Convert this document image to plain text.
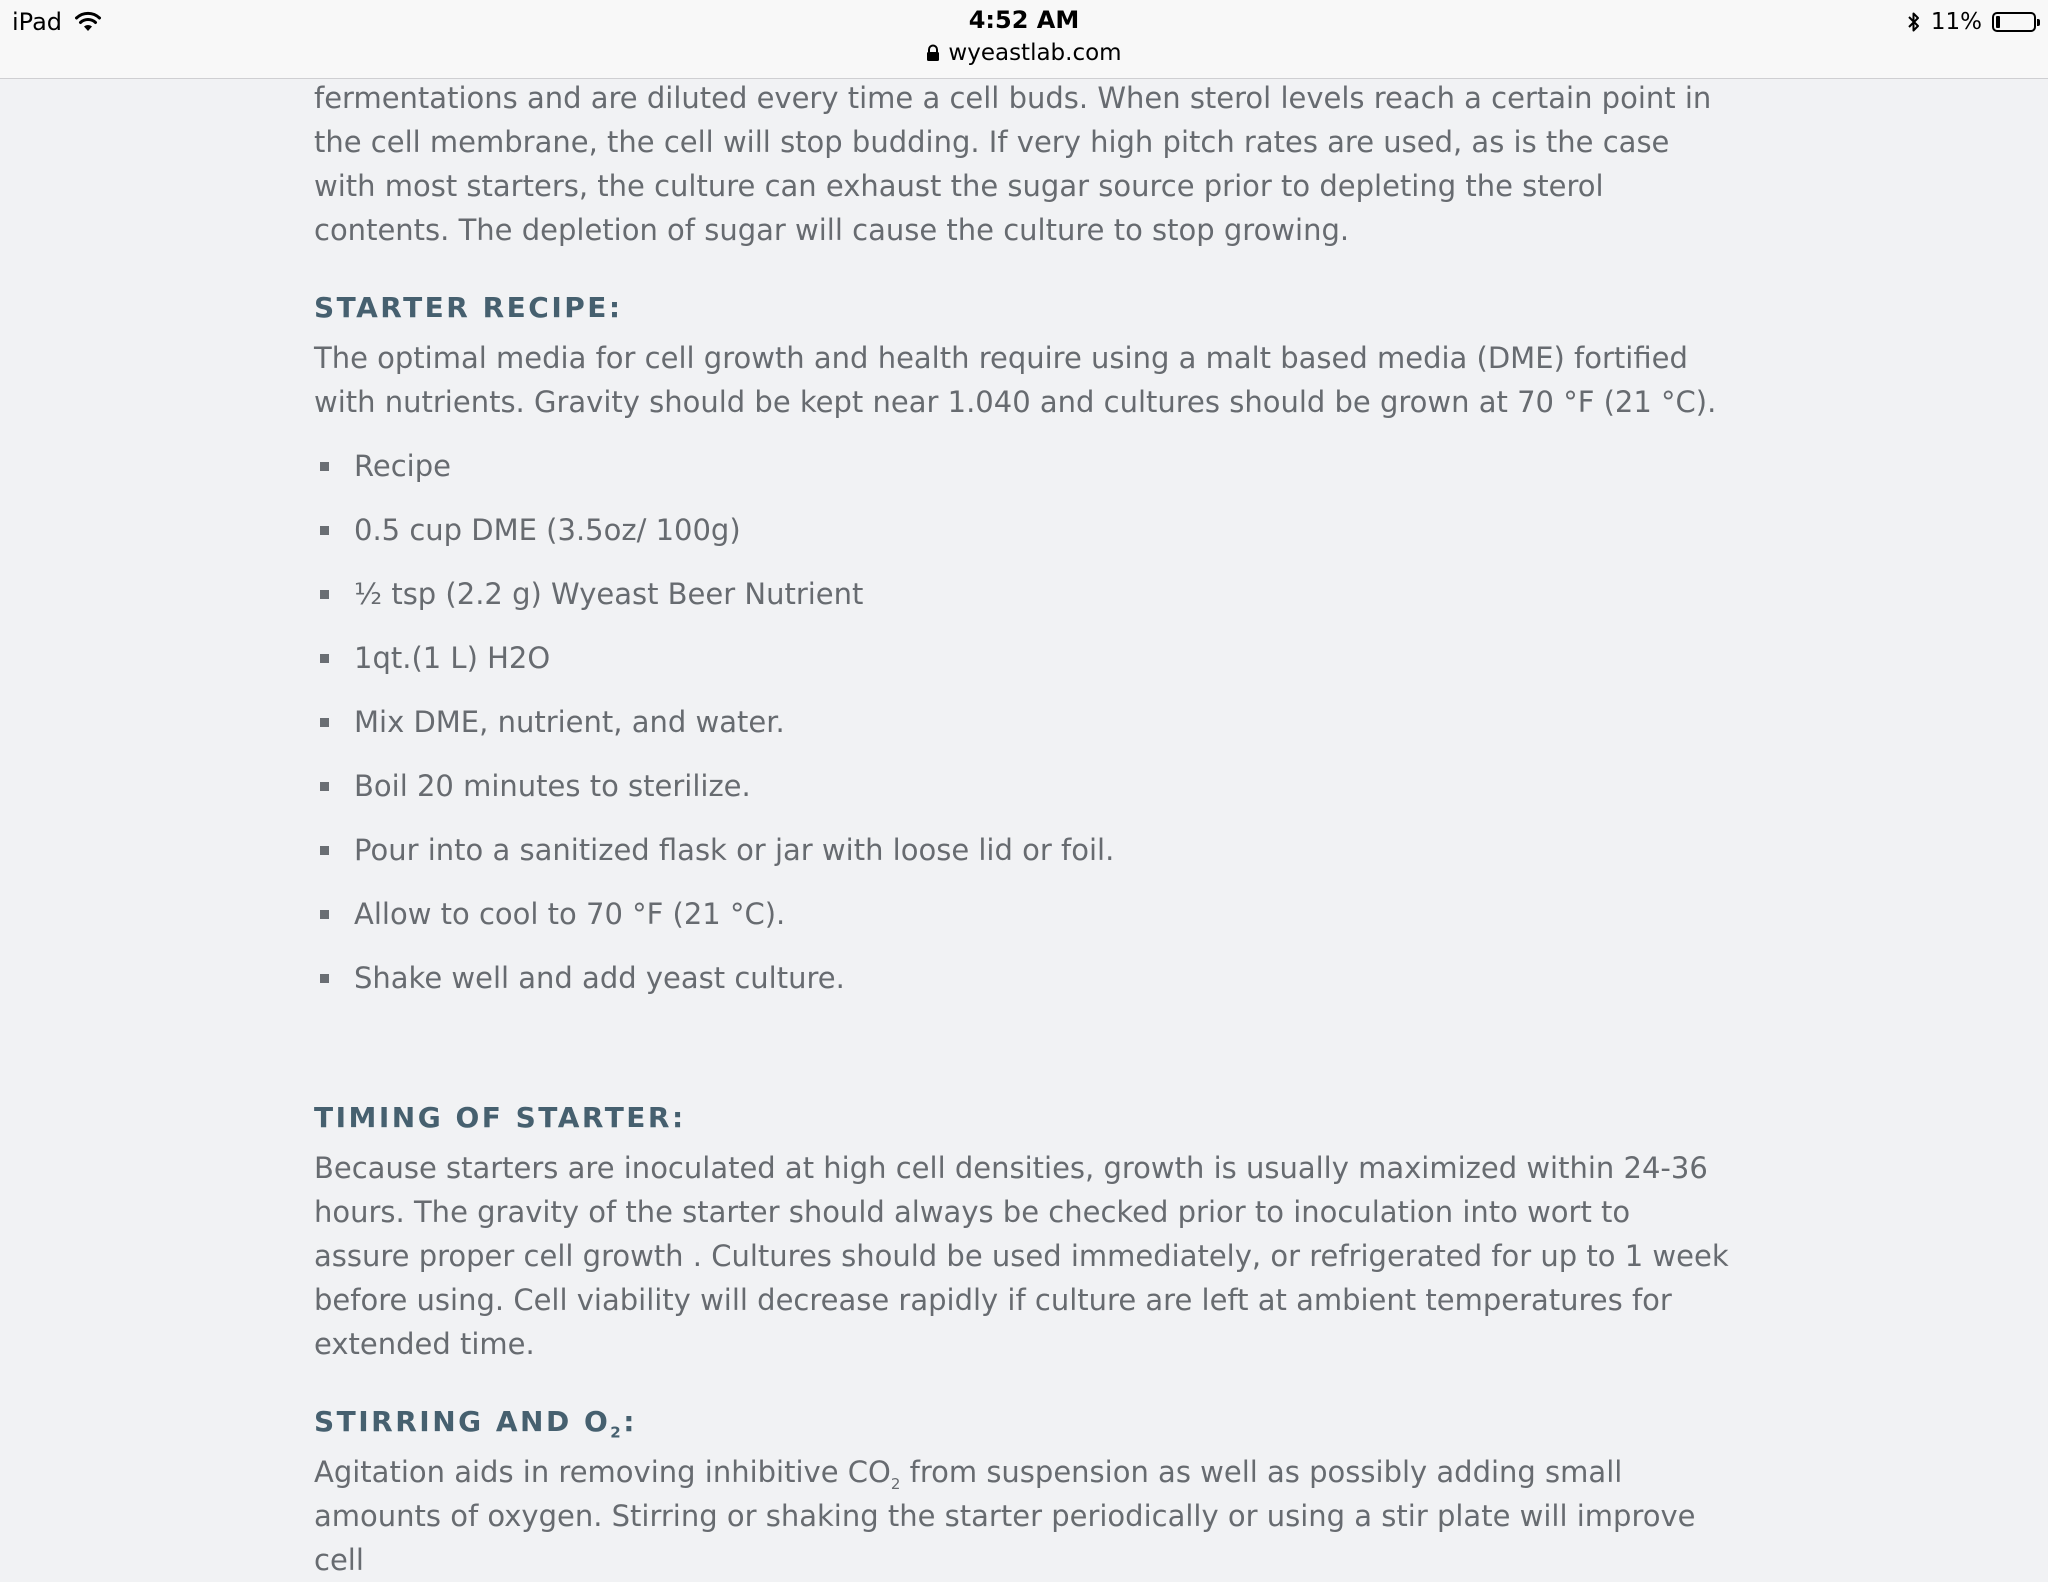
iPad	4:52 AM
wyeastlab.com
11%

fermentations and are diluted every time a cell buds. When sterol levels reach a certain point in the cell membrane, the cell will stop budding. If very high pitch rates are used, as is the case with most starters, the culture can exhaust the sugar source prior to depleting the sterol contents. The depletion of sugar will cause the culture to stop growing.

STARTER RECIPE:

The optimal media for cell growth and health require using a malt based media (DME) fortified with nutrients. Gravity should be kept near 1.040 and cultures should be grown at 70 °F (21 °C).

Recipe
0.5 cup DME (3.5oz/ 100g)
½ tsp (2.2 g) Wyeast Beer Nutrient
1qt.(1 L) H2O
Mix DME, nutrient, and water.
Boil 20 minutes to sterilize.
Pour into a sanitized flask or jar with loose lid or foil.
Allow to cool to 70 °F (21 °C).
Shake well and add yeast culture.
TIMING OF STARTER:

Because starters are inoculated at high cell densities, growth is usually maximized within 24-36 hours. The gravity of the starter should always be checked prior to inoculation into wort to assure proper cell growth . Cultures should be used immediately, or refrigerated for up to 1 week before using. Cell viability will decrease rapidly if culture are left at ambient temperatures for extended time.

STIRRING AND $O_2$:

Agitation aids in removing inhibitive $CO_2$ from suspension as well as possibly adding small amounts of oxygen. Stirring or shaking the starter periodically or using a stir plate will improve cell
